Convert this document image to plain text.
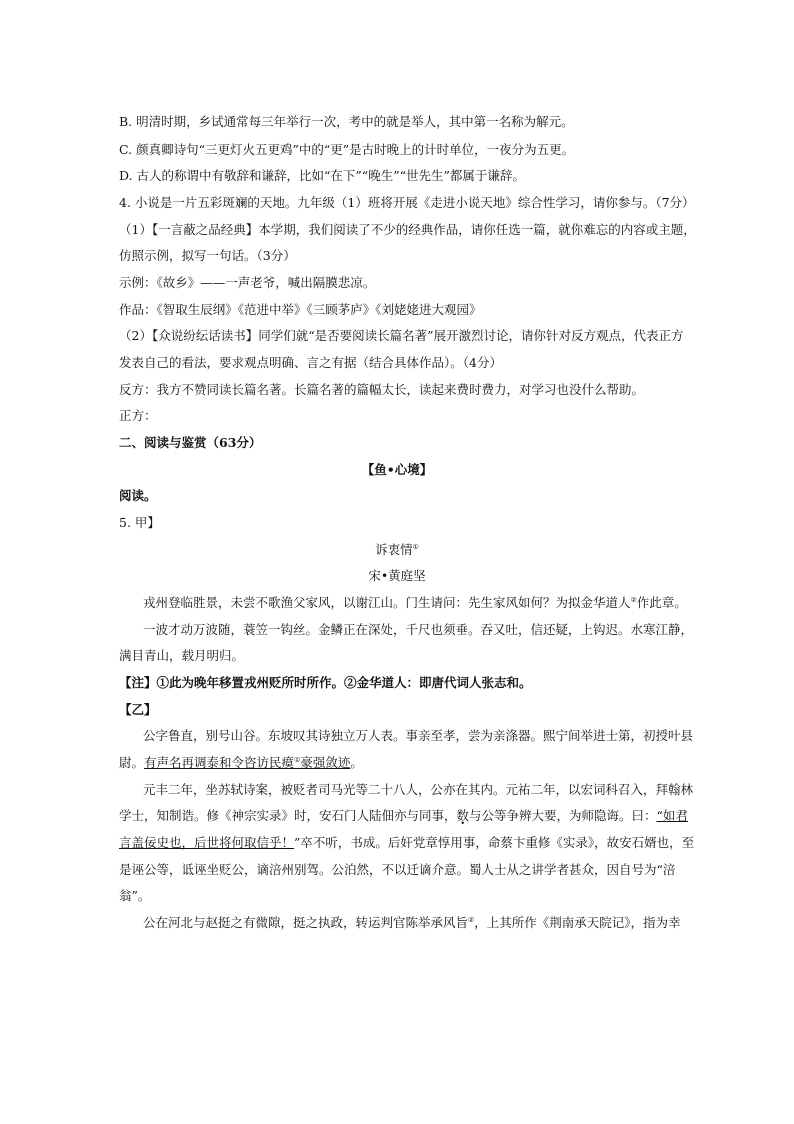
B. 明清时期，乡试通常每三年举行一次，考中的就是举人，其中第一名称为解元。
C. 颜真卿诗句“三更灯火五更鸡”中的“更”是古时晚上的计时单位，一夜分为五更。
D. 古人的称谓中有敬辞和谦辞，比如“在下”“晚生”“世先生”都属于谦辞。
4. 小说是一片五彩斑斓的天地。九年级（1）班将开展《走进小说天地》综合性学习，请你参与。（7分）
（1）【一言蔽之品经典】本学期，我们阅读了不少的经典作品，请你任选一篇，就你难忘的内容或主题，
仿照示例，拟写一句话。（3分）
示例：《故乡》——一声老爷，喊出隔膜悲凉。
作品：《智取生辰纲》《范进中举》《三顾茅庐》《刘姥姥进大观园》
（2）【众说纷纭话读书】同学们就“是否要阅读长篇名著”展开激烈讨论，请你针对反方观点，代表正方
发表自己的看法，要求观点明确、言之有据（结合具体作品）。（4分）
反方：我方不赞同读长篇名著。长篇名著的篇幅太长，读起来费时费力，对学习也没什么帮助。
正方：
二、阅读与鉴赏（63分）
【鱼•心境】
阅读。
5. 甲】
诉衷情①
宋•黄庭坚
戎州登临胜景，未尝不歌渔父家风，以谢江山。门生请问：先生家风如何？为拟金华道人②作此章。
一波才动万波随，蓑笠一钩丝。金鳞正在深处，千尺也须垂。吞又吐，信还疑，上钩迟。水寒江静，
满目青山，载月明归。
【注】①此为晚年移置戎州贬所时所作。②金华道人：即唐代词人张志和。
【乙】
公字鲁直，别号山谷。东坡叹其诗独立万人表。事亲至孝，尝为亲涤器。熙宁间举进士第，初授叶县
尉。有声名再调泰和令咨访民瘼①豪强敛迹。
元丰二年，坐苏轼诗案，被贬者司马光等二十八人，公亦在其内。元祐二年，以宏词科召入，拜翰林
学士，知制诰。修《神宗实录》时，安石门人陆佃亦与同事，数与公等争辨大要，为师隐诲。曰：“如君
言盖佞史也，后世将何取信乎！”卒不听，书成。后奸党章惇用事，命蔡卞重修《实录》，故安石婿也，至
是诬公等，诋诬坐贬公，谪涪州别驾。公泊然，不以迁谪介意。蜀人士从之讲学者甚众，因自号为“涪
翁”。
公在河北与赵挺之有微隙，挺之执政，转运判官陈举承风旨②，上其所作《荆南承天院记》，指为幸
